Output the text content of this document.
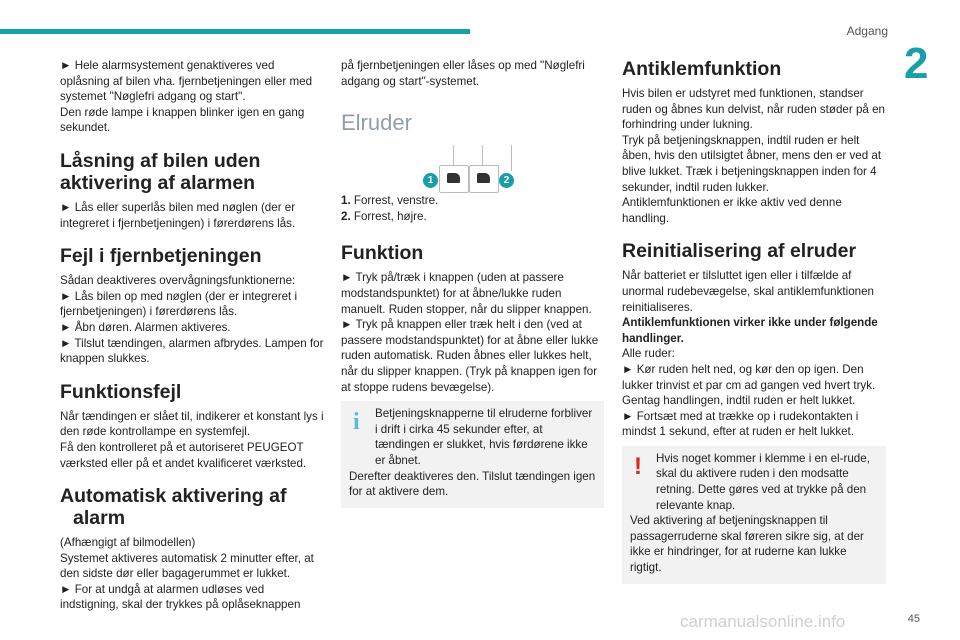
Adgang
2

► Hele alarmsystement genaktiveres ved oplåsning af bilen vha. fjernbetjeningen eller med systemet "Nøglefri adgang og start".

Den røde lampe i knappen blinker igen en gang sekundet.

Låsning af bilen uden aktivering af alarmen

► Lås eller superlås bilen med nøglen (der er integreret i fjernbetjeningen) i førerdørens lås.

Fejl i fjernbetjeningen

Sådan deaktiveres overvågningsfunktionerne:

► Lås bilen op med nøglen (der er integreret i fjernbetjeningen) i førerdørens lås.

► Åbn døren. Alarmen aktiveres.

► Tilslut tændingen, alarmen afbrydes. Lampen for knappen slukkes.

Funktionsfejl

Når tændingen er slået til, indikerer et konstant lys i den røde kontrollampe en systemfejl.

Få den kontrolleret på et autoriseret PEUGEOT værksted eller på et andet kvalificeret værksted.

Automatisk aktivering af alarm

(Afhængigt af bilmodellen)

Systemet aktiveres automatisk 2 minutter efter, at den sidste dør eller bagagerummet er lukket.

► For at undgå at alarmen udløses ved indstigning, skal der trykkes på oplåseknappen

på fjernbetjeningen eller låses op med "Nøglefri adgang og start"-systemet.

Elruder
1	2

1. Forrest, venstre.

2. Forrest, højre.

Funktion

► Tryk på/træk i knappen (uden at passere modstandspunktet) for at åbne/lukke ruden manuelt. Ruden stopper, når du slipper knappen.

► Tryk på knappen eller træk helt i den (ved at passere modstandspunktet) for at åbne eller lukke ruden automatisk. Ruden åbnes eller lukkes helt, når du slipper knappen. (Tryk på knappen igen for at stoppe rudens bevægelse).

i	Betjeningsknapperne til elruderne forbliver i drift i cirka 45 sekunder efter, at tændingen er slukket, hvis førdørene ikke er åbnet.

Derefter deaktiveres den. Tilslut tændingen igen for at aktivere dem.

Antiklemfunktion

Hvis bilen er udstyret med funktionen, standser ruden og åbnes kun delvist, når ruden støder på en forhindring under lukning.

Tryk på betjeningsknappen, indtil ruden er helt åben, hvis den utilsigtet åbner, mens den er ved at blive lukket. Træk i betjeningsknappen inden for 4 sekunder, indtil ruden lukker.

Antiklemfunktionen er ikke aktiv ved denne handling.

Reinitialisering af elruder

Når batteriet er tilsluttet igen eller i tilfælde af unormal rudebevægelse, skal antiklemfunktionen reinitialiseres.

Antiklemfunktionen virker ikke under følgende handlinger.

Alle ruder:

► Kør ruden helt ned, og kør den op igen. Den lukker trinvist et par cm ad gangen ved hvert tryk. Gentag handlingen, indtil ruden er helt lukket.

► Fortsæt med at trække op i rudekontakten i mindst 1 sekund, efter at ruden er helt lukket.

!	Hvis noget kommer i klemme i en el-rude, skal du aktivere ruden i den modsatte retning. Dette gøres ved at trykke på den relevante knap.

Ved aktivering af betjeningsknappen til passagerruderne skal føreren sikre sig, at der ikke er hindringer, for at ruderne kan lukke rigtigt.

carmanualsonline.info	45
